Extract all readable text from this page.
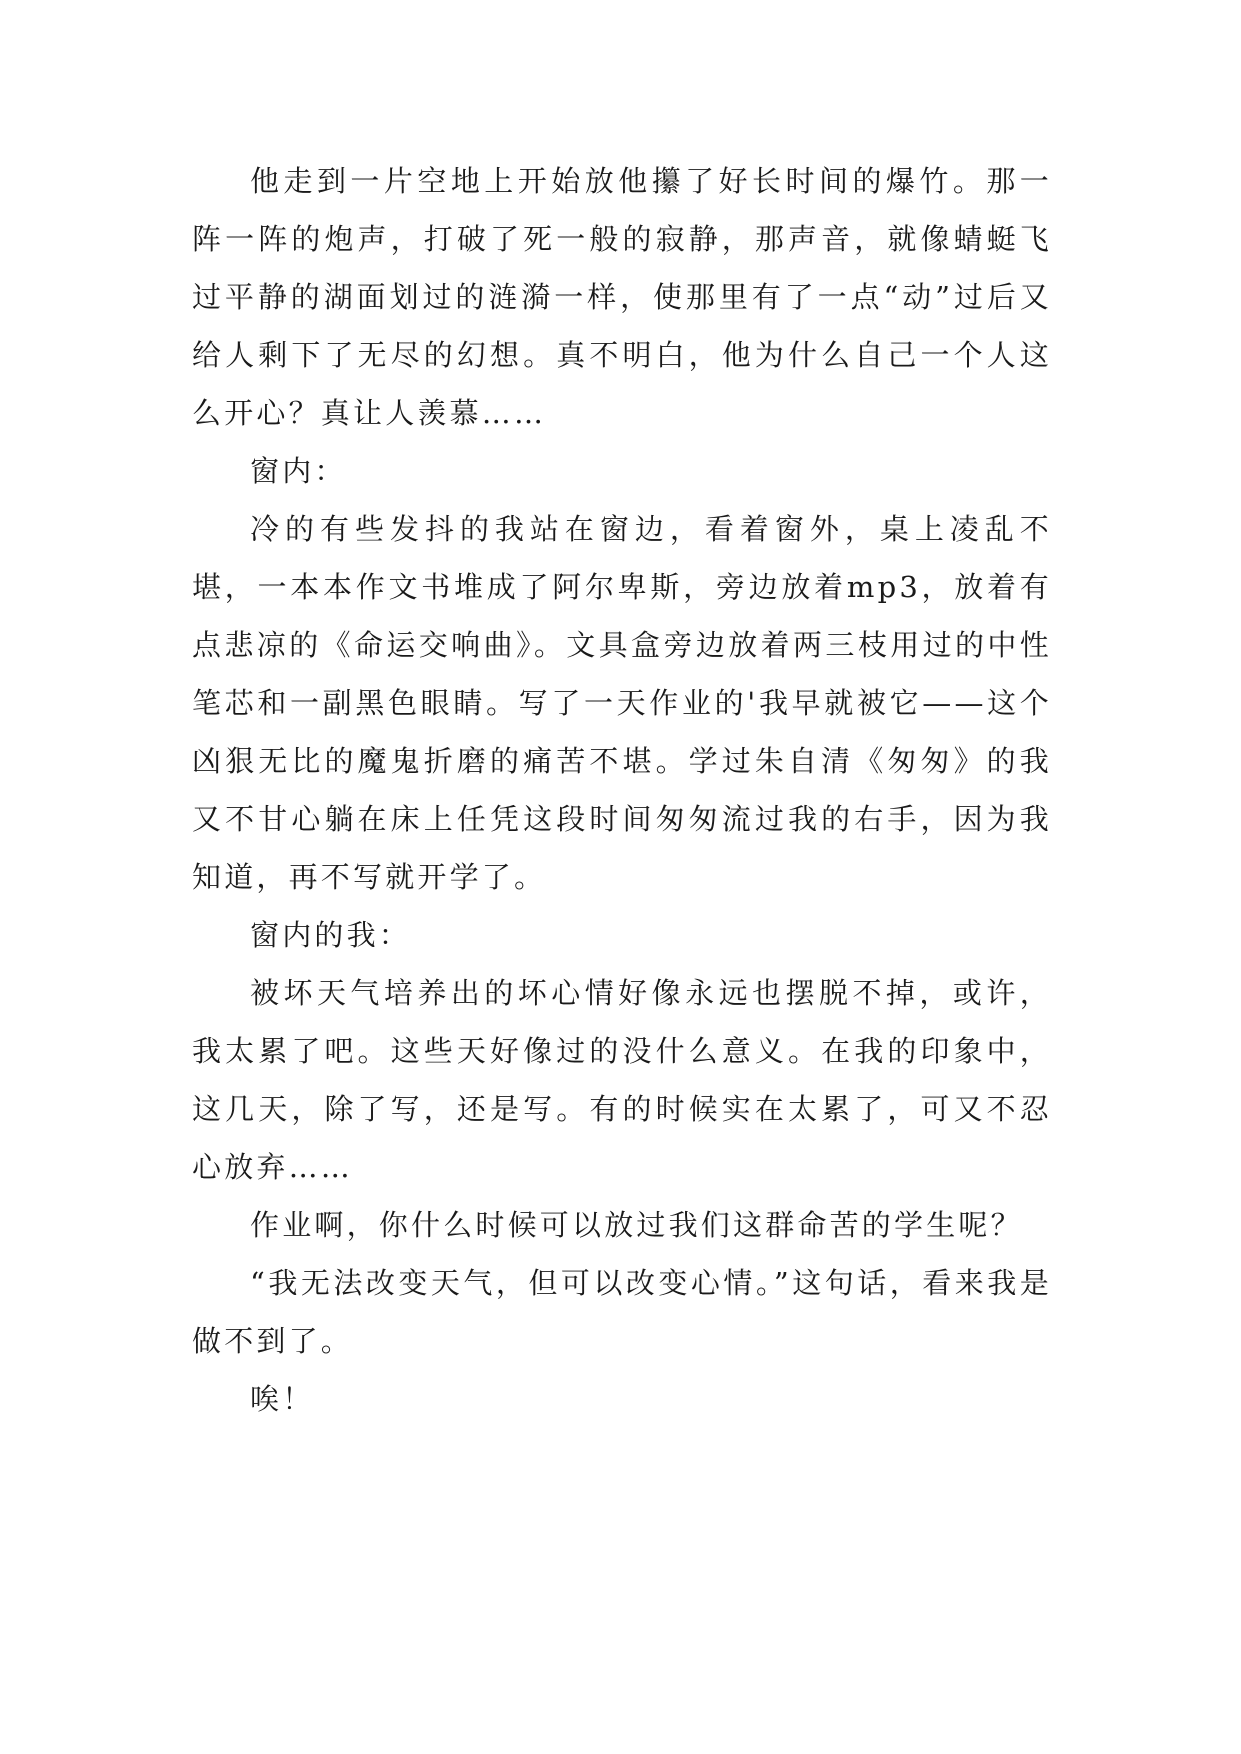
他走到一片空地上开始放他攥了好长时间的爆竹。那一阵一阵的炮声，打破了死一般的寂静，那声音，就像蜻蜓飞过平静的湖面划过的涟漪一样，使那里有了一点“动”过后又给人剩下了无尽的幻想。真不明白，他为什么自己一个人这么开心？真让人羡慕……

窗内：

冷的有些发抖的我站在窗边，看着窗外，桌上凌乱不堪，一本本作文书堆成了阿尔卑斯，旁边放着mp3，放着有点悲凉的《命运交响曲》。文具盒旁边放着两三枝用过的中性笔芯和一副黑色眼睛。写了一天作业的'我早就被它——这个凶狠无比的魔鬼折磨的痛苦不堪。学过朱自清《匆匆》的我又不甘心躺在床上任凭这段时间匆匆流过我的右手，因为我知道，再不写就开学了。

窗内的我：

被坏天气培养出的坏心情好像永远也摆脱不掉，或许，我太累了吧。这些天好像过的没什么意义。在我的印象中，这几天，除了写，还是写。有的时候实在太累了，可又不忍心放弃……

作业啊，你什么时候可以放过我们这群命苦的学生呢？

“我无法改变天气，但可以改变心情。”这句话，看来我是做不到了。

唉！
